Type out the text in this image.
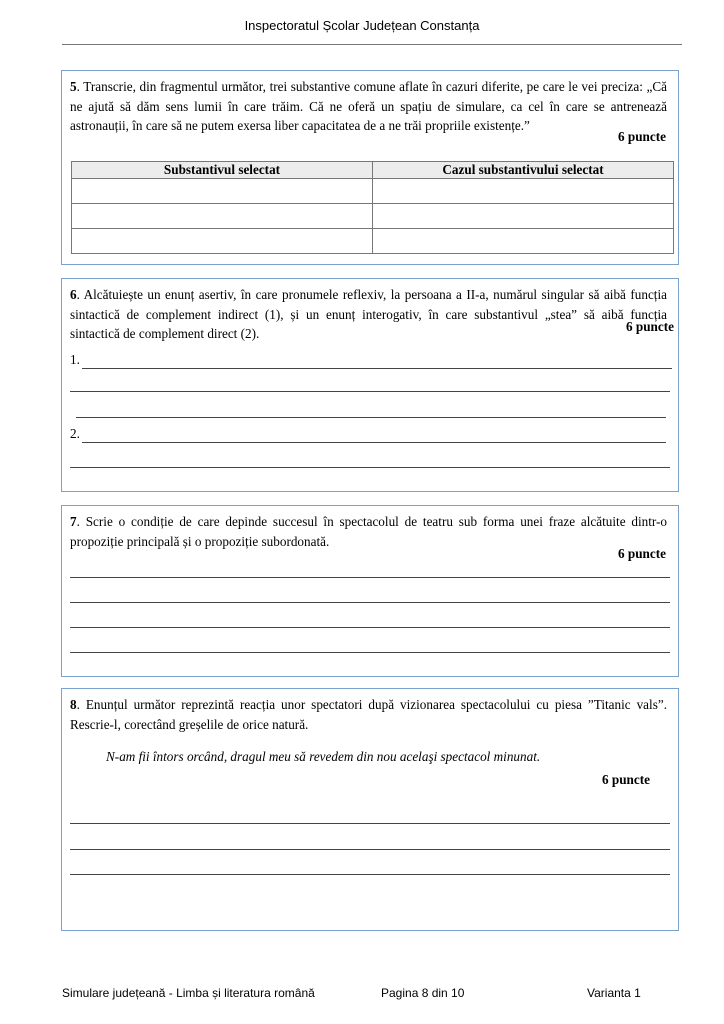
Inspectoratul Școlar Județean Constanța
5. Transcrie, din fragmentul următor, trei substantive comune aflate în cazuri diferite, pe care le vei preciza: „Că ne ajută să dăm sens lumii în care trăim. Că ne oferă un spațiu de simulare, ca cel în care se antrenează astronauții, în care să ne putem exersa liber capacitatea de a ne trăi propriile existențe.”
6 puncte
Substantivul selectat	Cazul substantivului selectat

6. Alcătuiește un enunț asertiv, în care pronumele reflexiv, la persoana a II-a, numărul singular să aibă funcția sintactică de complement indirect (1), și un enunț interogativ, în care substantivul „stea” să aibă funcția sintactică de complement direct (2).	6 puncte
1.
2.
7. Scrie o condiție de care depinde succesul în spectacolul de teatru sub forma unei fraze alcătuite dintr-o propoziție principală și o propoziție subordonată.
6 puncte
8. Enunțul următor reprezintă reacția unor spectatori după vizionarea spectacolului cu piesa ”Titanic vals”. Rescrie-l, corectând greșelile de orice natură.
N-am fii întors orcând, dragul meu să revedem din nou acelaşi spectacol minunat.
6 puncte
Simulare județeană - Limba și literatura română	Pagina 8 din 10	Varianta 1
